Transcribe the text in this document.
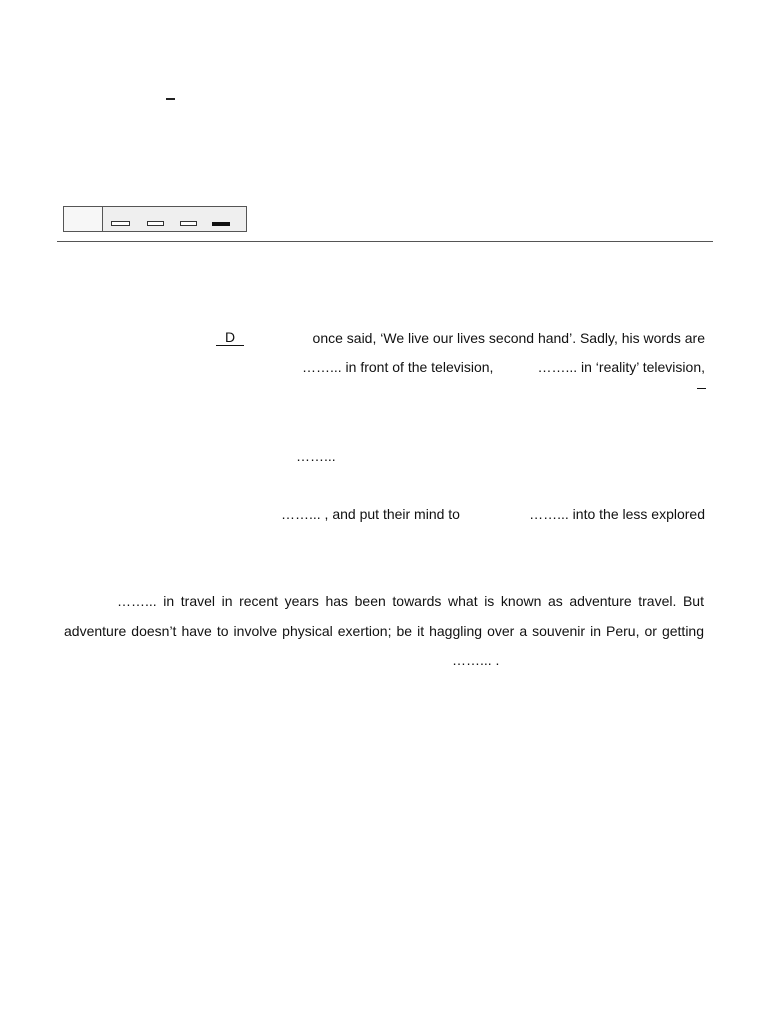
D	once said, ‘We live our lives second hand’. Sadly, his words are
……... in front of the television,	……... in ‘reality’ television,
……...
……... , and put their mind to	……... into the less explored
……... in travel in recent years has been towards what is known as adventure travel. But
adventure doesn’t have to involve physical exertion; be it haggling over a souvenir in Peru, or getting
……... .
